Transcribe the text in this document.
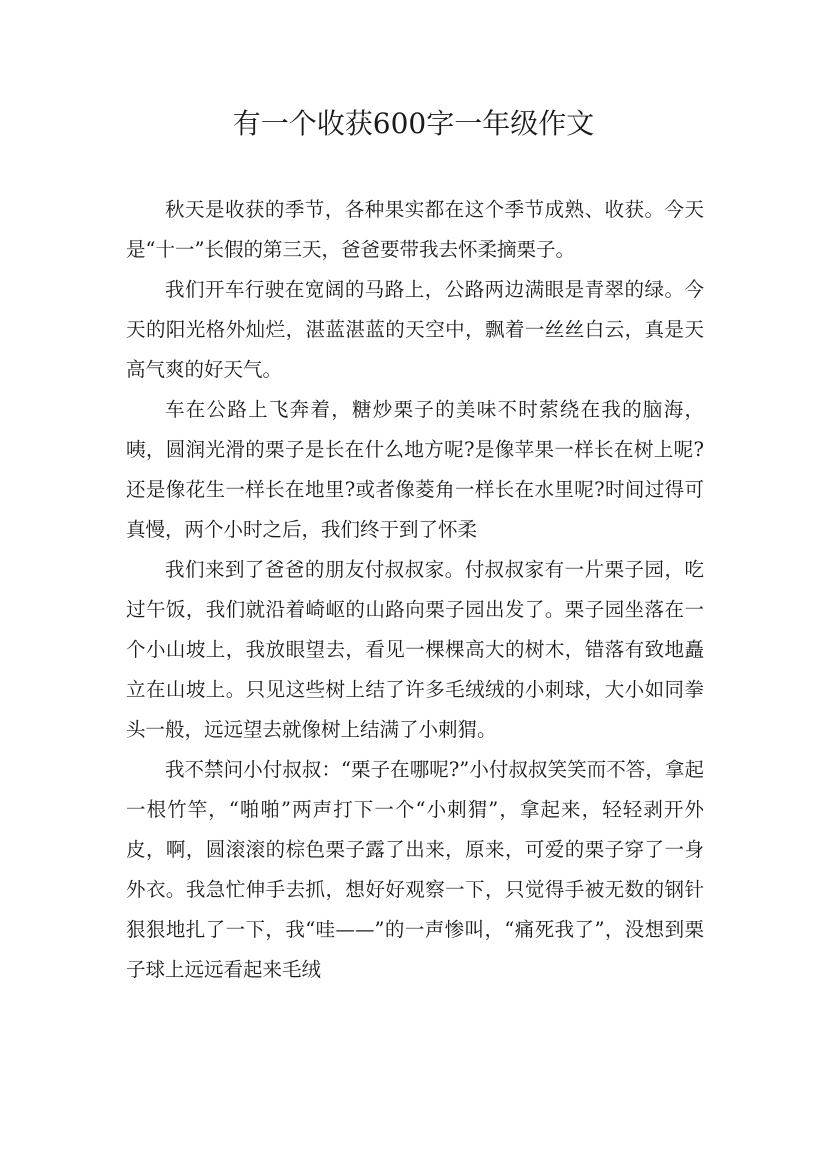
有一个收获600字一年级作文

秋天是收获的季节，各种果实都在这个季节成熟、收获。今天是“十一”长假的第三天，爸爸要带我去怀柔摘栗子。

我们开车行驶在宽阔的马路上，公路两边满眼是青翠的绿。今天的阳光格外灿烂，湛蓝湛蓝的天空中，飘着一丝丝白云，真是天高气爽的好天气。

车在公路上飞奔着，糖炒栗子的美味不时萦绕在我的脑海，咦，圆润光滑的栗子是长在什么地方呢?是像苹果一样长在树上呢?还是像花生一样长在地里?或者像菱角一样长在水里呢?时间过得可真慢，两个小时之后，我们终于到了怀柔

我们来到了爸爸的朋友付叔叔家。付叔叔家有一片栗子园，吃过午饭，我们就沿着崎岖的山路向栗子园出发了。栗子园坐落在一个小山坡上，我放眼望去，看见一棵棵高大的树木，错落有致地矗立在山坡上。只见这些树上结了许多毛绒绒的小刺球，大小如同拳头一般，远远望去就像树上结满了小刺猬。

我不禁问小付叔叔：“栗子在哪呢?”小付叔叔笑笑而不答，拿起一根竹竿，“啪啪”两声打下一个“小刺猬”，拿起来，轻轻剥开外皮，啊，圆滚滚的棕色栗子露了出来，原来，可爱的栗子穿了一身外衣。我急忙伸手去抓，想好好观察一下，只觉得手被无数的钢针狠狠地扎了一下，我“哇——”的一声惨叫，“痛死我了”，没想到栗子球上远远看起来毛绒
